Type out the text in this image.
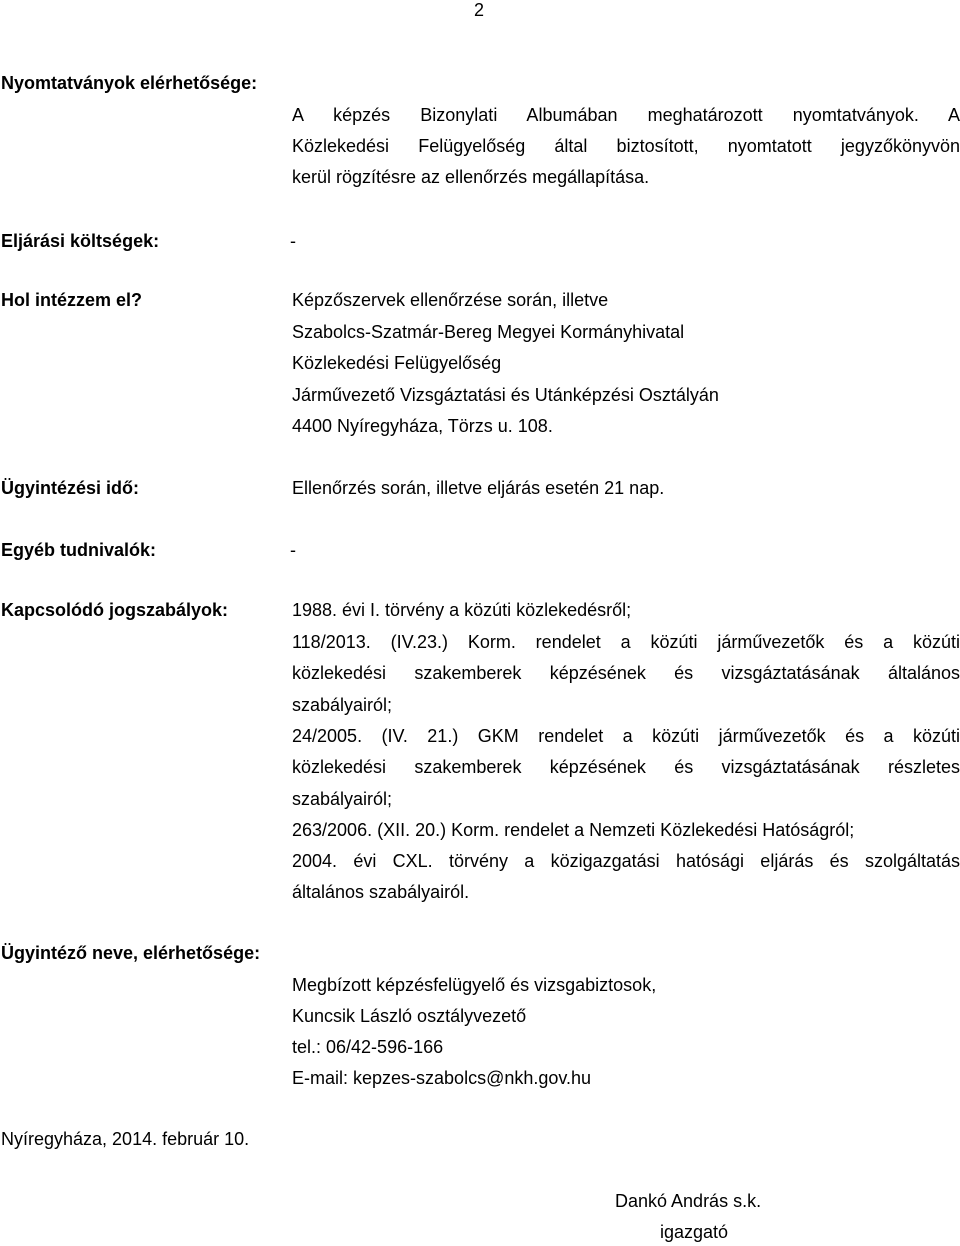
2
Nyomtatványok elérhetősége:
A képzés Bizonylati Albumában meghatározott nyomtatványok. A
Közlekedési Felügyelőség által biztosított, nyomtatott jegyzőkönyvön
kerül rögzítésre az ellenőrzés megállapítása.
Eljárási költségek:	-
Hol intézzem el?	Képzőszervek ellenőrzése során, illetve
Szabolcs-Szatmár-Bereg Megyei Kormányhivatal
Közlekedési Felügyelőség
Járművezető Vizsgáztatási és Utánképzési Osztályán
4400 Nyíregyháza, Törzs u. 108.
Ügyintézési idő:	Ellenőrzés során, illetve eljárás esetén 21 nap.
Egyéb tudnivalók:	-
Kapcsolódó jogszabályok:	1988. évi I. törvény a közúti közlekedésről;
118/2013. (IV.23.) Korm. rendelet a közúti járművezetők és a közúti
közlekedési szakemberek képzésének és vizsgáztatásának általános
szabályairól;
24/2005. (IV. 21.) GKM rendelet a közúti járművezetők és a közúti
közlekedési szakemberek képzésének és vizsgáztatásának részletes
szabályairól;
263/2006. (XII. 20.) Korm. rendelet a Nemzeti Közlekedési Hatóságról;
2004. évi CXL. törvény a közigazgatási hatósági eljárás és szolgáltatás
általános szabályairól.
Ügyintéző neve, elérhetősége:
Megbízott képzésfelügyelő és vizsgabiztosok,
Kuncsik László osztályvezető
tel.: 06/42-596-166
E-mail: kepzes-szabolcs@nkh.gov.hu
Nyíregyháza, 2014. február 10.
Dankó András s.k.
igazgató
